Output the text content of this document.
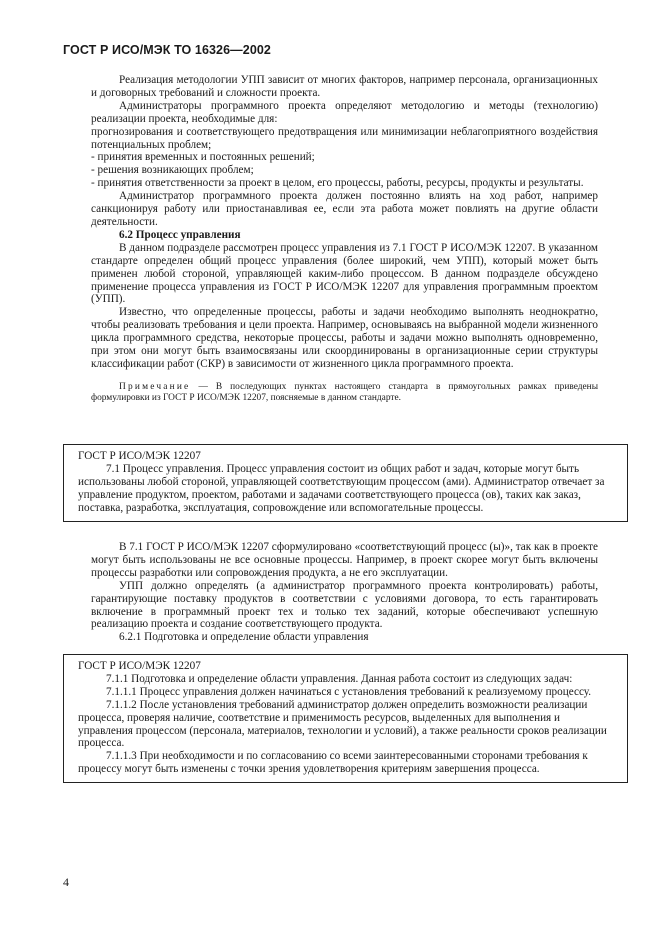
ГОСТ Р ИСО/МЭК ТО 16326—2002

Реализация методологии УПП зависит от многих факторов, например персонала, организационных и договорных требований и сложности проекта.

Администраторы программного проекта определяют методологию и методы (технологию) реализации проекта, необходимые для:

прогнозирования и соответствующего предотвращения или минимизации неблагоприятного воздействия потенциальных проблем;

- принятия временных и постоянных решений;

- решения возникающих проблем;

- принятия ответственности за проект в целом, его процессы, работы, ресурсы, продукты и результаты.

Администратор программного проекта должен постоянно влиять на ход работ, например санкционируя работу или приостанавливая ее, если эта работа может повлиять на другие области деятельности.

6.2 Процесс управления

В данном подразделе рассмотрен процесс управления из 7.1 ГОСТ Р ИСО/МЭК 12207. В указанном стандарте определен общий процесс управления (более широкий, чем УПП), который может быть применен любой стороной, управляющей каким-либо процессом. В данном подразделе обсуждено применение процесса управления из ГОСТ Р ИСО/МЭК 12207 для управления программным проектом (УПП).

Известно, что определенные процессы, работы и задачи необходимо выполнять неоднократно, чтобы реализовать требования и цели проекта. Например, основываясь на выбранной модели жизненного цикла программного средства, некоторые процессы, работы и задачи можно выполнять одновременно, при этом они могут быть взаимосвязаны или скоординированы в организационные серии структуры классификации работ (СКР) в зависимости от жизненного цикла программного проекта.

Примечание — В последующих пунктах настоящего стандарта в прямоугольных рамках приведены формулировки из ГОСТ Р ИСО/МЭК 12207, поясняемые в данном стандарте.

ГОСТ Р ИСО/МЭК 12207

7.1 Процесс управления. Процесс управления состоит из общих работ и задач, которые могут быть использованы любой стороной, управляющей соответствующим процессом (ами). Администратор отвечает за управление продуктом, проектом, работами и задачами соответствующего процесса (ов), таких как заказ, поставка, разработка, эксплуатация, сопровождение или вспомогательные процессы.

В 7.1 ГОСТ Р ИСО/МЭК 12207 сформулировано «соответствующий процесс (ы)», так как в проекте могут быть использованы не все основные процессы. Например, в проект скорее могут быть включены процессы разработки или сопровождения продукта, а не его эксплуатации.

УПП должно определять (а администратор программного проекта контролировать) работы, гарантирующие поставку продуктов в соответствии с условиями договора, то есть гарантировать включение в программный проект тех и только тех заданий, которые обеспечивают успешную реализацию проекта и создание соответствующего продукта.

6.2.1 Подготовка и определение области управления

ГОСТ Р ИСО/МЭК 12207

7.1.1 Подготовка и определение области управления. Данная работа состоит из следующих задач:

7.1.1.1 Процесс управления должен начинаться с установления требований к реализуемому процессу.

7.1.1.2 После установления требований администратор должен определить возможности реализации процесса, проверяя наличие, соответствие и применимость ресурсов, выделенных для выполнения и управления процессом (персонала, материалов, технологии и условий), а также реальности сроков реализации процесса.

7.1.1.3 При необходимости и по согласованию со всеми заинтересованными сторонами требования к процессу могут быть изменены с точки зрения удовлетворения критериям завершения процесса.

4
